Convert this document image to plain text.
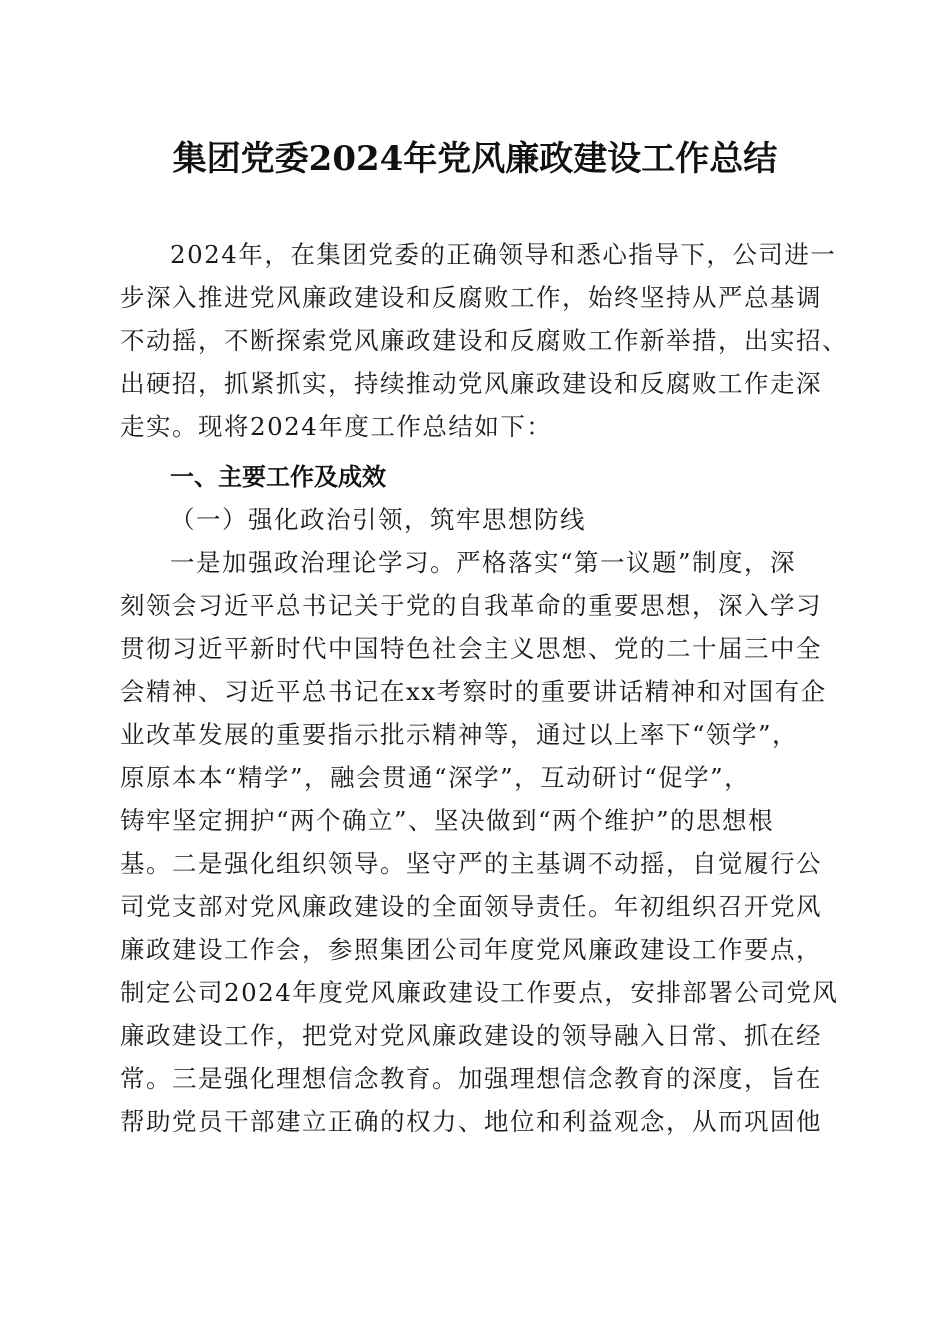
集团党委2024年党风廉政建设工作总结
2024年，在集团党委的正确领导和悉心指导下，公司进一
步深入推进党风廉政建设和反腐败工作，始终坚持从严总基调
不动摇，不断探索党风廉政建设和反腐败工作新举措，出实招、
出硬招，抓紧抓实，持续推动党风廉政建设和反腐败工作走深
走实。现将2024年度工作总结如下：
一、主要工作及成效
（一）强化政治引领，筑牢思想防线
一是加强政治理论学习。严格落实“第一议题”制度，深
刻领会习近平总书记关于党的自我革命的重要思想，深入学习
贯彻习近平新时代中国特色社会主义思想、党的二十届三中全
会精神、习近平总书记在xx考察时的重要讲话精神和对国有企
业改革发展的重要指示批示精神等，通过以上率下“领学”，
原原本本“精学”，融会贯通“深学”，互动研讨“促学”，
铸牢坚定拥护“两个确立”、坚决做到“两个维护”的思想根
基。二是强化组织领导。坚守严的主基调不动摇，自觉履行公
司党支部对党风廉政建设的全面领导责任。年初组织召开党风
廉政建设工作会，参照集团公司年度党风廉政建设工作要点，
制定公司2024年度党风廉政建设工作要点，安排部署公司党风
廉政建设工作，把党对党风廉政建设的领导融入日常、抓在经
常。三是强化理想信念教育。加强理想信念教育的深度，旨在
帮助党员干部建立正确的权力、地位和利益观念，从而巩固他
